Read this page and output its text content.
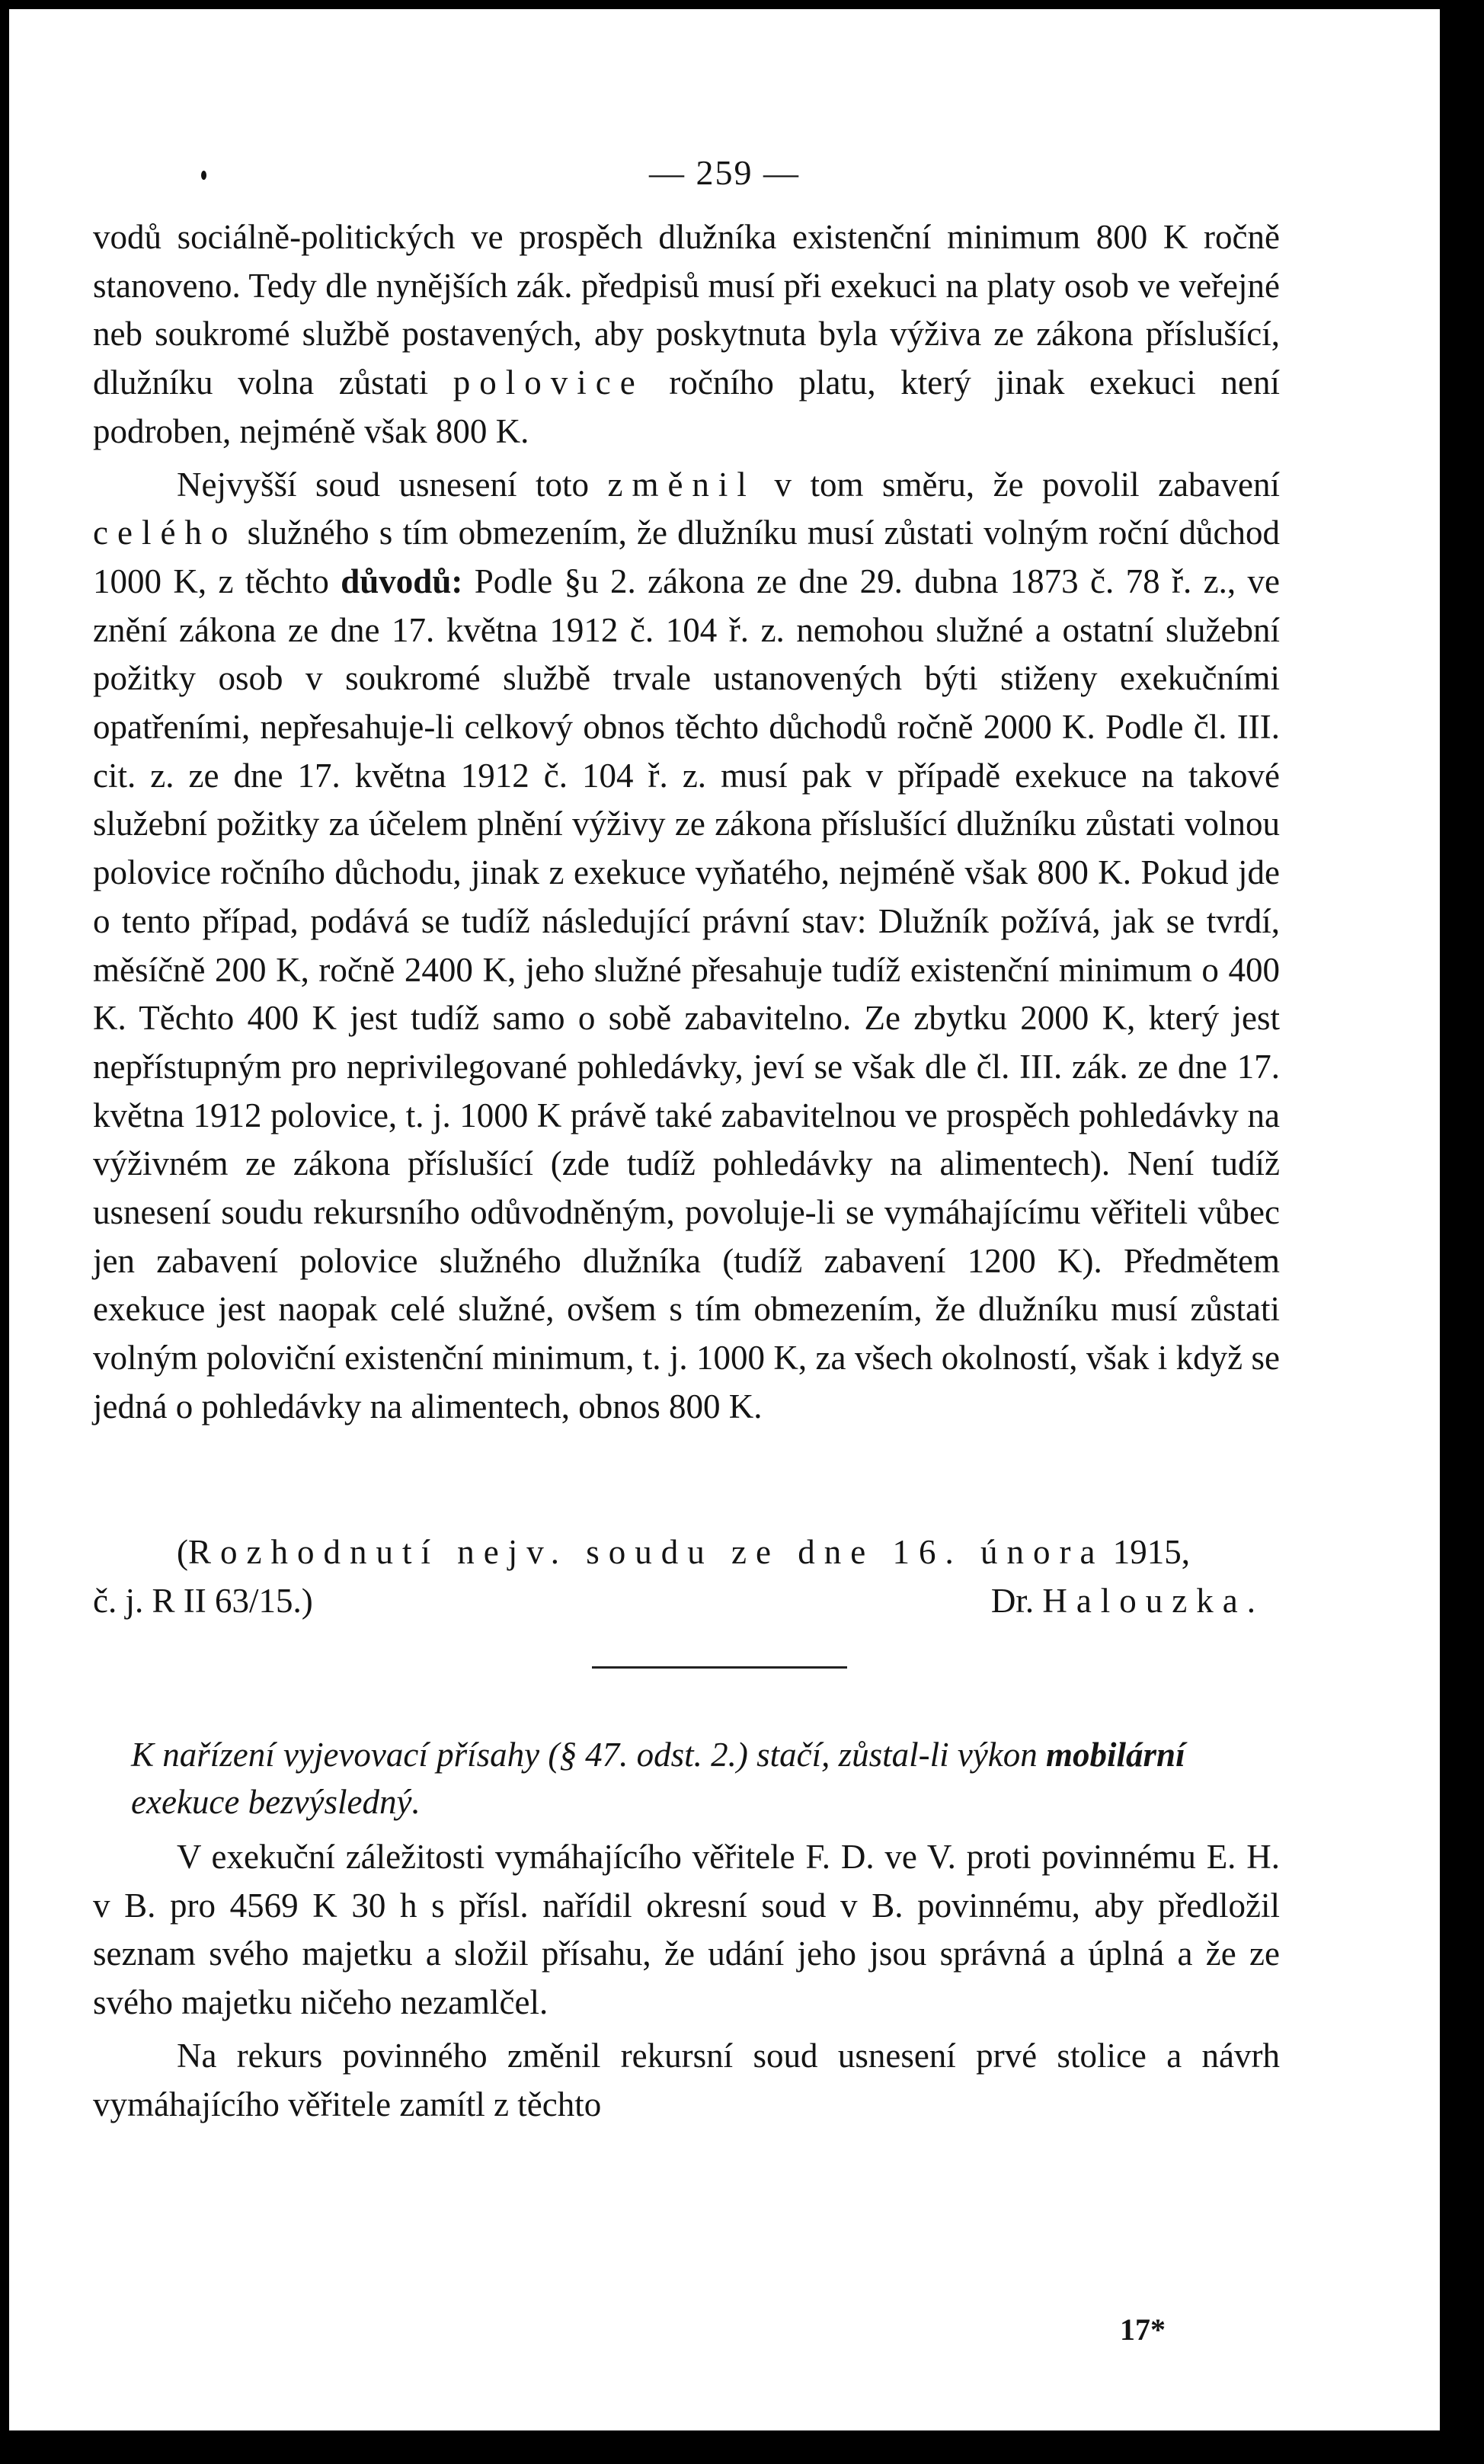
— 259 —

vodů sociálně-politických ve prospěch dlužníka existenční minimum 800 K ročně stanoveno. Tedy dle nynějších zák. předpisů musí při exekuci na platy osob ve veřejné neb soukromé službě postavených, aby poskytnuta byla výživa ze zákona příslušící, dlužníku volna zůstati polovice ročního platu, který jinak exekuci není podroben, nejméně však 800 K.

Nejvyšší soud usnesení toto změnil v tom směru, že povolil zabavení celého služného s tím obmezením, že dlužníku musí zůstati volným roční důchod 1000 K, z těchto důvodů: Podle §u 2. zákona ze dne 29. dubna 1873 č. 78 ř. z., ve znění zákona ze dne 17. května 1912 č. 104 ř. z. nemohou služné a ostatní služební požitky osob v soukromé službě trvale ustanovených býti stiženy exekučními opatřeními, nepřesahuje-li celkový obnos těchto důchodů ročně 2000 K. Podle čl. III. cit. z. ze dne 17. května 1912 č. 104 ř. z. musí pak v případě exekuce na takové služební požitky za účelem plnění výživy ze zákona příslušící dlužníku zůstati volnou polovice ročního důchodu, jinak z exekuce vyňatého, nejméně však 800 K. Pokud jde o tento případ, podává se tudíž následující právní stav: Dlužník požívá, jak se tvrdí, měsíčně 200 K, ročně 2400 K, jeho služné přesahuje tudíž existenční minimum o 400 K. Těchto 400 K jest tudíž samo o sobě zabavitelno. Ze zbytku 2000 K, který jest nepřístupným pro neprivilegované pohledávky, jeví se však dle čl. III. zák. ze dne 17. května 1912 polovice, t. j. 1000 K právě také zabavitelnou ve prospěch pohledávky na výživném ze zákona příslušící (zde tudíž pohledávky na alimentech). Není tudíž usnesení soudu rekursního odůvodněným, povoluje-li se vymáhajícímu věřiteli vůbec jen zabavení polovice služného dlužníka (tudíž zabavení 1200 K). Předmětem exekuce jest naopak celé služné, ovšem s tím obmezením, že dlužníku musí zůstati volným poloviční existenční minimum, t. j. 1000 K, za všech okolností, však i když se jedná o pohledávky na alimentech, obnos 800 K.

(Rozhodnutí nejv. soudu ze dne 16. února 1915,
č. j. R II 63/15.)	Dr. Halouzka.
K nařízení vyjevovací přísahy (§ 47. odst. 2.) stačí, zůstal-li výkon mobilární exekuce bezvýsledný.

V exekuční záležitosti vymáhajícího věřitele F. D. ve V. proti povinnému E. H. v B. pro 4569 K 30 h s přísl. nařídil okresní soud v B. povinnému, aby předložil seznam svého majetku a složil přísahu, že udání jeho jsou správná a úplná a že ze svého majetku ničeho nezamlčel.

Na rekurs povinného změnil rekursní soud usnesení prvé stolice a návrh vymáhajícího věřitele zamítl z těchto

17*
